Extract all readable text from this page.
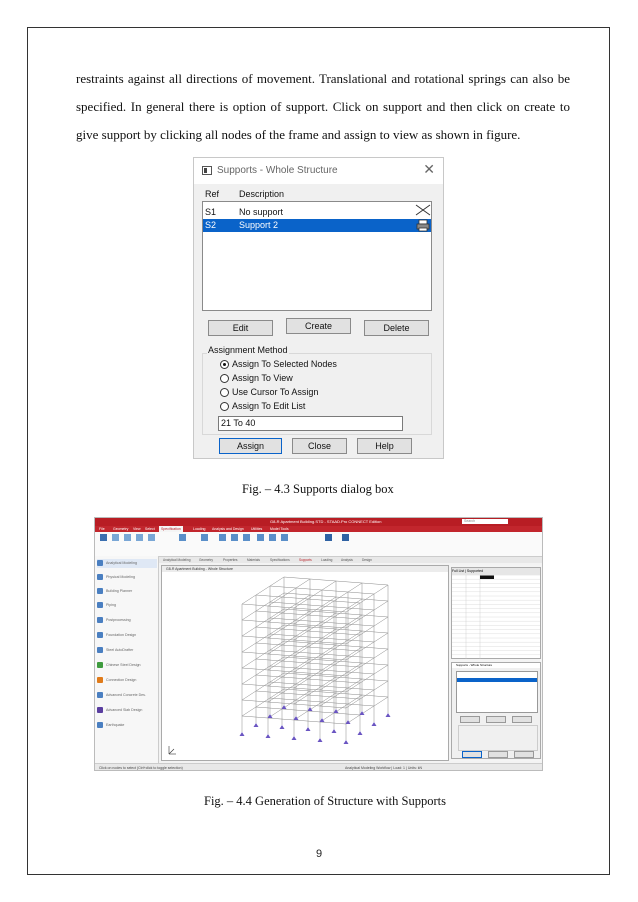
restraints against all directions of movement. Translational and rotational springs can also be specified. In general there is option of support. Click on support and then click on create to give support by clicking all nodes of the frame and assign to view as shown in figure.

Supports - Whole Structure	✕
Ref Description
S1	No support
S2	Support 2
Edit	Create	Delete
Assignment Method
Assign To Selected Nodes
Assign To View
Use Cursor To Assign
Assign To Edit List
21 To 40
Assign	Close	Help
Fig. – 4.3 Supports dialog box
G8-R Apartment Building.STD - STAAD.Pro CONNECT Edition	Search
File Geometry View Select	Specification	Loading Analysis and Design Utilities Model Tools
Analytical Modeling
Physical Modeling
Building Planner
Piping
Postprocessing
Foundation Design
Steel AutoDrafter
Chinese Steel Design
Connection Design
Advanced Concrete Des.
Advanced Slab Design
Earthquake
Analytical Modeling	Geometry	Properties	Materials	Specifications	Supports	Loading	Analysis	Design
G8-R Apartment Building - Whole Structure	Full List | Supported
Supports - Whole Structure
Click on nodes to select (Ctrl+click to toggle selection)	Analytical Modeling Workflow | Load: 1 | Units: kN
Fig. – 4.4 Generation of Structure with Supports
9
